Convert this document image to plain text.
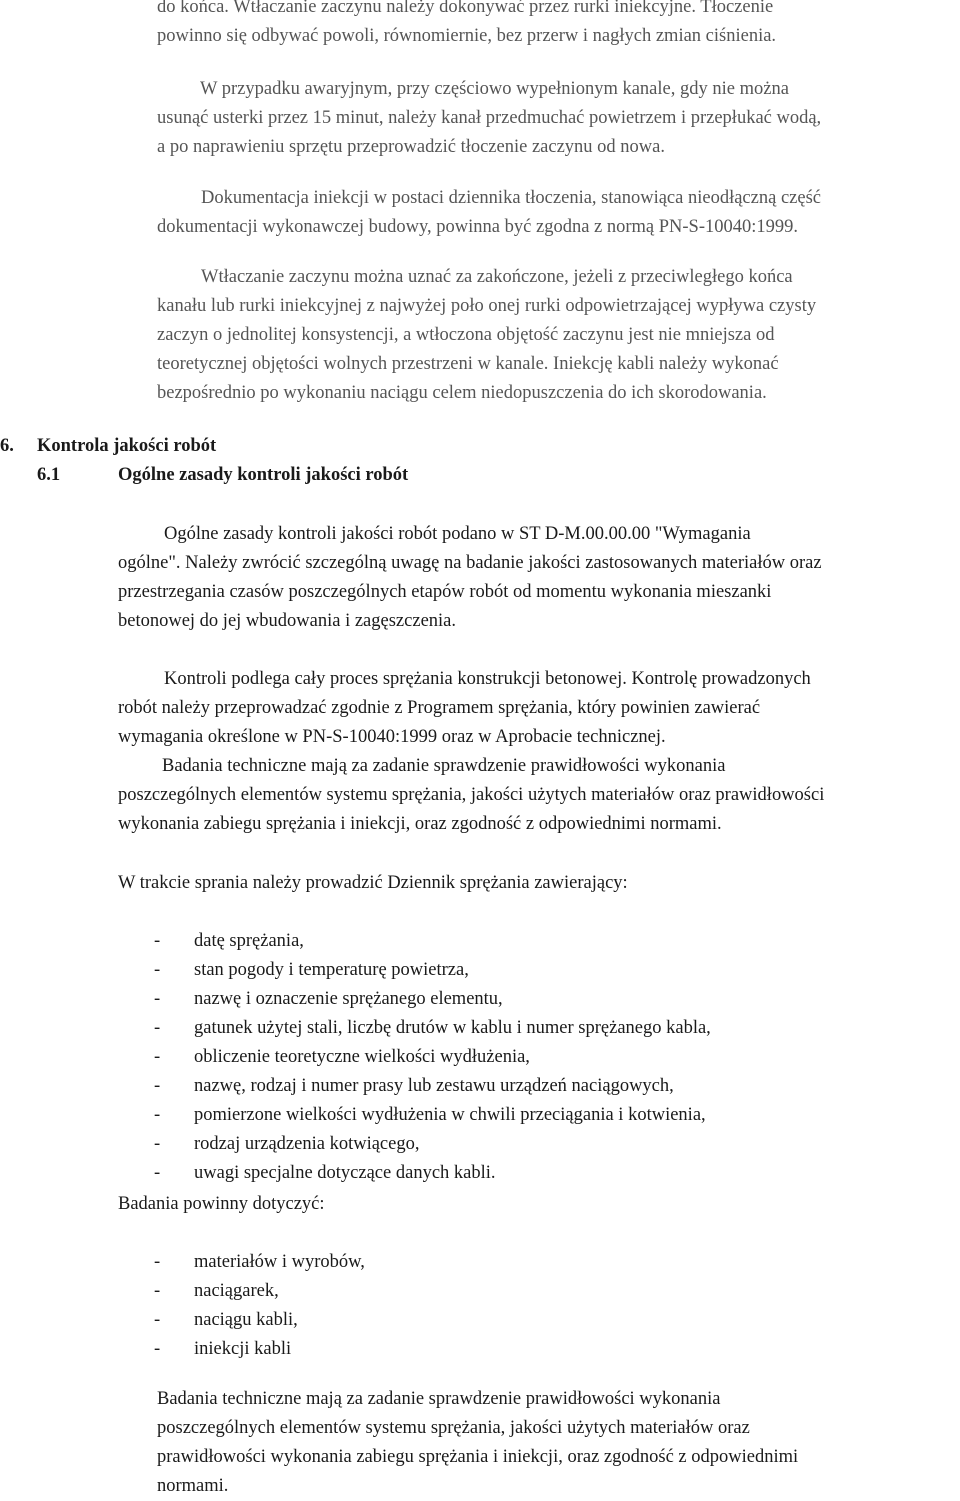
do końca. Wtłaczanie zaczynu należy dokonywać przez rurki iniekcyjne. Tłoczenie
powinno się odbywać powoli, równomiernie, bez przerw i nagłych zmian ciśnienia.
W przypadku awaryjnym, przy częściowo wypełnionym kanale, gdy nie można
usunąć usterki przez 15 minut, należy kanał przedmuchać powietrzem i przepłukać wodą,
a po naprawieniu sprzętu przeprowadzić tłoczenie zaczynu od nowa.
Dokumentacja iniekcji w postaci dziennika tłoczenia, stanowiąca nieodłączną część
dokumentacji wykonawczej budowy, powinna być zgodna z normą PN-S-10040:1999.
Wtłaczanie zaczynu można uznać za zakończone, jeżeli z przeciwległego końca
kanału lub rurki iniekcyjnej z najwyżej poło onej rurki odpowietrzającej wypływa czysty
zaczyn o jednolitej konsystencji, a wtłoczona objętość zaczynu jest nie mniejsza od
teoretycznej objętości wolnych przestrzeni w kanale. Iniekcję kabli należy wykonać
bezpośrednio po wykonaniu naciągu celem niedopuszczenia do ich skorodowania.
6. Kontrola jakości robót
6.1	Ogólne zasady kontroli jakości robót
Ogólne zasady kontroli jakości robót podano w ST D-M.00.00.00 "Wymagania
ogólne". Należy zwrócić szczególną uwagę na badanie jakości zastosowanych materiałów oraz
przestrzegania czasów poszczególnych etapów robót od momentu wykonania mieszanki
betonowej do jej wbudowania i zagęszczenia.
Kontroli podlega cały proces sprężania konstrukcji betonowej. Kontrolę prowadzonych
robót należy przeprowadzać zgodnie z Programem sprężania, który powinien zawierać
wymagania określone w PN-S-10040:1999 oraz w Aprobacie technicznej.
Badania techniczne mają za zadanie sprawdzenie prawidłowości wykonania
poszczególnych elementów systemu sprężania, jakości użytych materiałów oraz prawidłowości
wykonania zabiegu sprężania i iniekcji, oraz zgodność z odpowiednimi normami.
W trakcie sprania należy prowadzić Dziennik sprężania zawierający:
- datę sprężania,
- stan pogody i temperaturę powietrza,
- nazwę i oznaczenie sprężanego elementu,
- gatunek użytej stali, liczbę drutów w kablu i numer sprężanego kabla,
- obliczenie teoretyczne wielkości wydłużenia,
- nazwę, rodzaj i numer prasy lub zestawu urządzeń naciągowych,
- pomierzone wielkości wydłużenia w chwili przeciągania i kotwienia,
- rodzaj urządzenia kotwiącego,
- uwagi specjalne dotyczące danych kabli.
Badania powinny dotyczyć:
- materiałów i wyrobów,
- naciągarek,
- naciągu kabli,
- iniekcji kabli
Badania techniczne mają za zadanie sprawdzenie prawidłowości wykonania
poszczególnych elementów systemu sprężania, jakości użytych materiałów oraz
prawidłowości wykonania zabiegu sprężania i iniekcji, oraz zgodność z odpowiednimi
normami.
